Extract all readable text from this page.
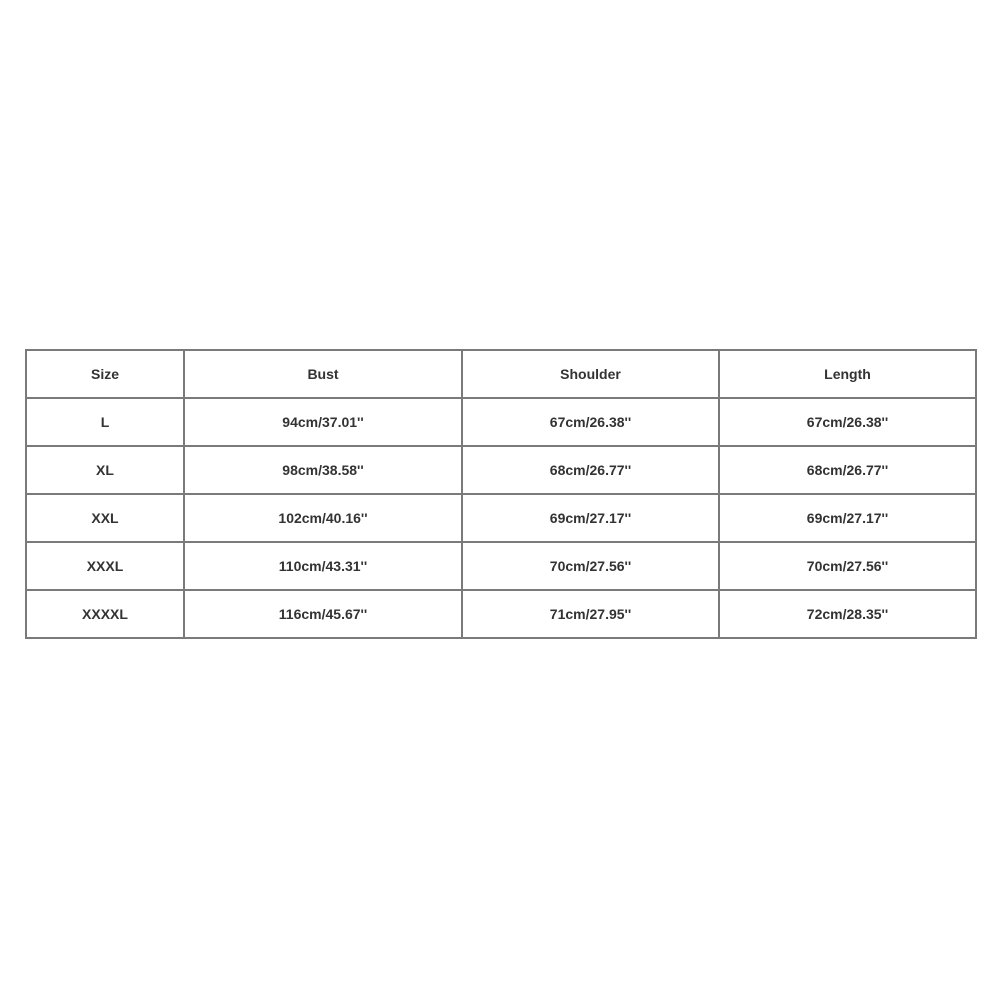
Size	Bust	Shoulder	Length
L	94cm/37.01''	67cm/26.38''	67cm/26.38''
XL	98cm/38.58''	68cm/26.77''	68cm/26.77''
XXL	102cm/40.16''	69cm/27.17''	69cm/27.17''
XXXL	110cm/43.31''	70cm/27.56''	70cm/27.56''
XXXXL	116cm/45.67''	71cm/27.95''	72cm/28.35''
